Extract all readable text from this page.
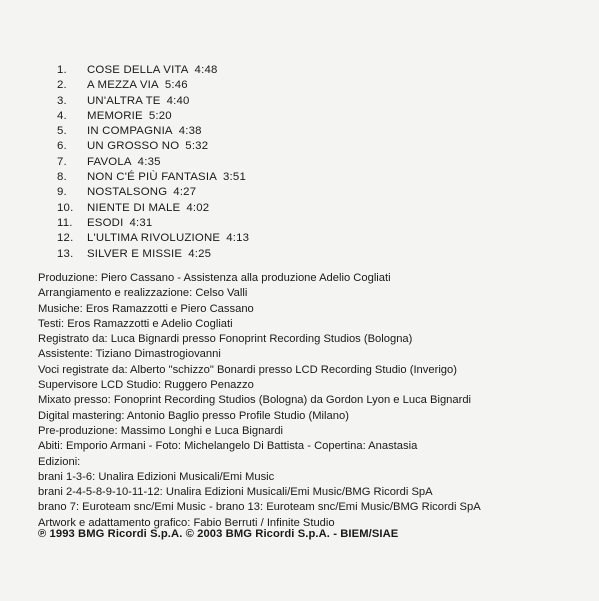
1.	COSE DELLA VITA 4:48
2.	A MEZZA VIA 5:46
3.	UN'ALTRA TE 4:40
4.	MEMORIE 5:20
5.	IN COMPAGNIA 4:38
6.	UN GROSSO NO 5:32
7.	FAVOLA 4:35
8.	NON C'É PIÙ FANTASIA 3:51
9.	NOSTALSONG 4:27
10.	NIENTE DI MALE 4:02
11.	ESODI 4:31
12.	L'ULTIMA RIVOLUZIONE 4:13
13.	SILVER E MISSIE 4:25
Produzione: Piero Cassano - Assistenza alla produzione Adelio Cogliati
Arrangiamento e realizzazione: Celso Valli
Musiche: Eros Ramazzotti e Piero Cassano
Testi: Eros Ramazzotti e Adelio Cogliati
Registrato da: Luca Bignardi presso Fonoprint Recording Studios (Bologna)
Assistente: Tiziano Dimastrogiovanni
Voci registrate da: Alberto "schizzo" Bonardi presso LCD Recording Studio (Inverigo)
Supervisore LCD Studio: Ruggero Penazzo
Mixato presso: Fonoprint Recording Studios (Bologna) da Gordon Lyon e Luca Bignardi
Digital mastering: Antonio Baglio presso Profile Studio (Milano)
Pre-produzione: Massimo Longhi e Luca Bignardi
Abiti: Emporio Armani - Foto: Michelangelo Di Battista - Copertina: Anastasia
Edizioni:
brani 1-3-6: Unalira Edizioni Musicali/Emi Music
brani 2-4-5-8-9-10-11-12: Unalira Edizioni Musicali/Emi Music/BMG Ricordi SpA
brano 7: Euroteam snc/Emi Music - brano 13: Euroteam snc/Emi Music/BMG Ricordi SpA
Artwork e adattamento grafico: Fabio Berruti / Infinite Studio
℗ 1993 BMG Ricordi S.p.A. © 2003 BMG Ricordi S.p.A. - BIEM/SIAE
